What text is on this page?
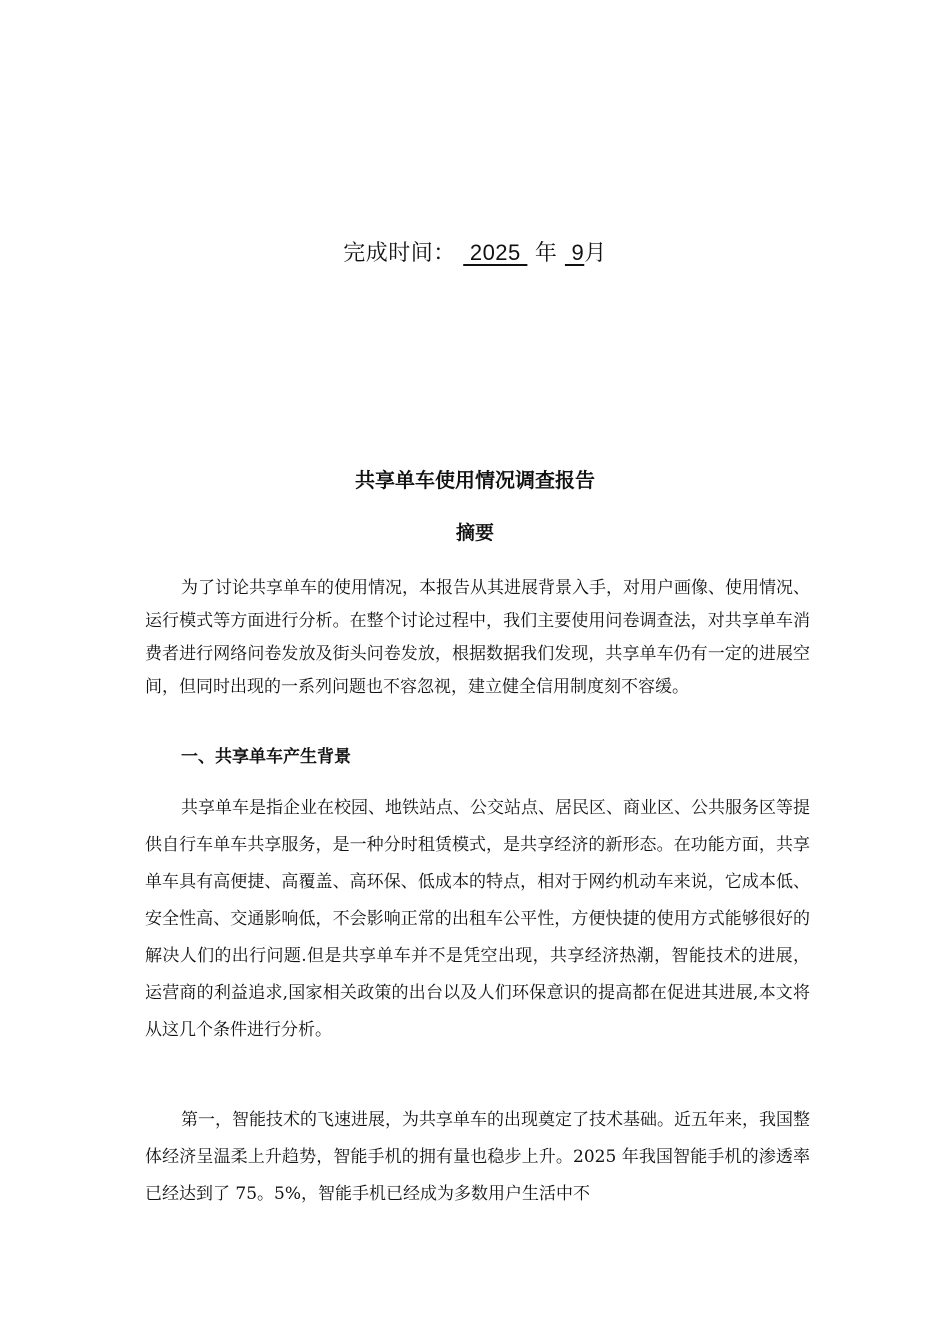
完成时间：  2025  年  9月
共享单车使用情况调查报告
摘要

为了讨论共享单车的使用情况，本报告从其进展背景入手，对用户画像、使用情况、运行模式等方面进行分析。在整个讨论过程中，我们主要使用问卷调查法，对共享单车消费者进行网络问卷发放及街头问卷发放，根据数据我们发现，共享单车仍有一定的进展空间，但同时出现的一系列问题也不容忽视，建立健全信用制度刻不容缓。

一、共享单车产生背景

共享单车是指企业在校园、地铁站点、公交站点、居民区、商业区、公共服务区等提供自行车单车共享服务，是一种分时租赁模式，是共享经济的新形态。在功能方面，共享单车具有高便捷、高覆盖、高环保、低成本的特点，相对于网约机动车来说，它成本低、安全性高、交通影响低，不会影响正常的出租车公平性，方便快捷的使用方式能够很好的解决人们的出行问题.但是共享单车并不是凭空出现，共享经济热潮，智能技术的进展，运营商的利益追求,国家相关政策的出台以及人们环保意识的提高都在促进其进展,本文将从这几个条件进行分析。

第一，智能技术的飞速进展，为共享单车的出现奠定了技术基础。近五年来，我国整体经济呈温柔上升趋势，智能手机的拥有量也稳步上升。2025 年我国智能手机的渗透率已经达到了 75。5%，智能手机已经成为多数用户生活中不
